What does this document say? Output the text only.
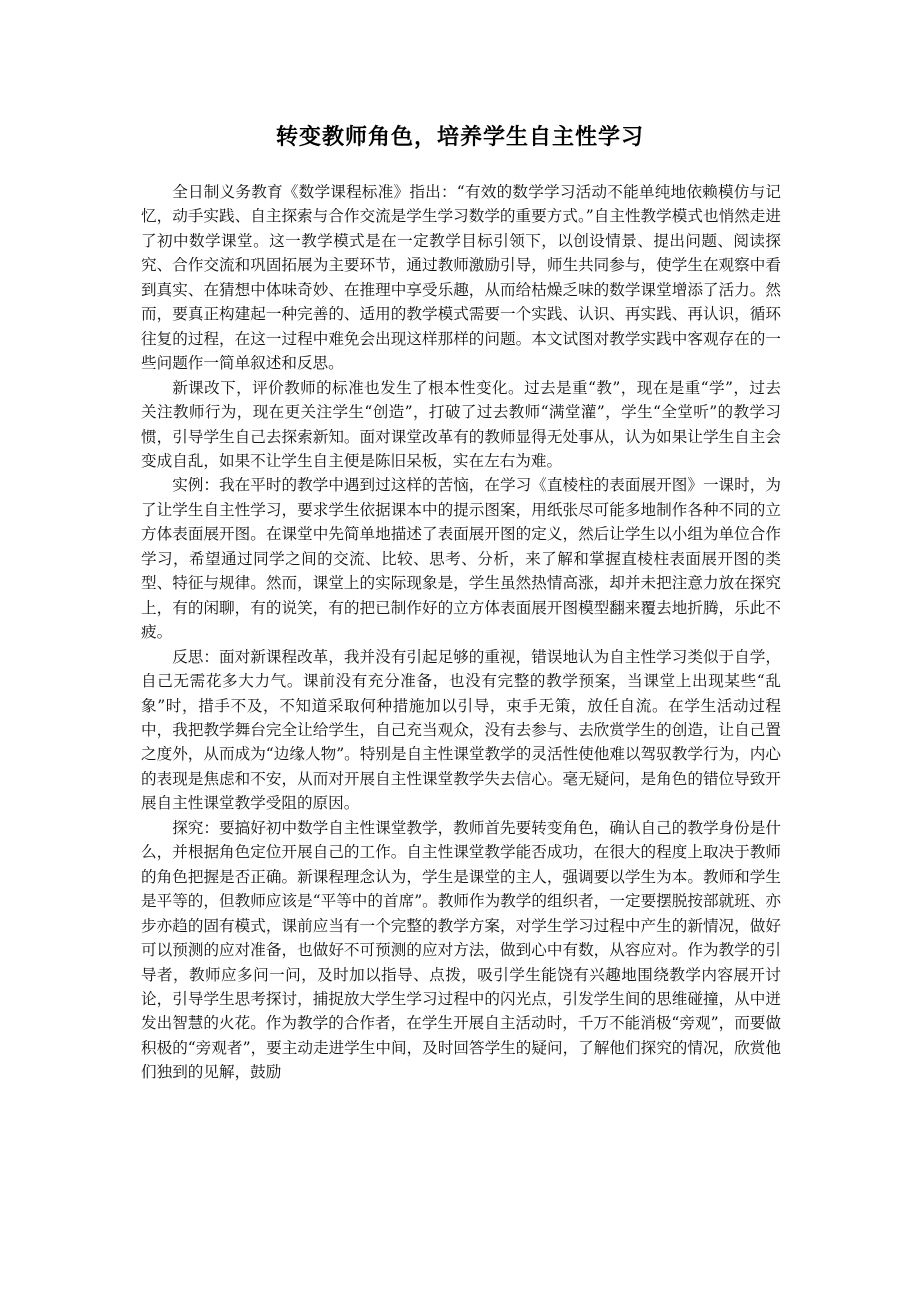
转变教师角色，培养学生自主性学习

全日制义务教育《数学课程标准》指出：“有效的数学学习活动不能单纯地依赖模仿与记忆，动手实践、自主探索与合作交流是学生学习数学的重要方式。”自主性教学模式也悄然走进了初中数学课堂。这一教学模式是在一定教学目标引领下，以创设情景、提出问题、阅读探究、合作交流和巩固拓展为主要环节，通过教师激励引导，师生共同参与，使学生在观察中看到真实、在猜想中体味奇妙、在推理中享受乐趣，从而给枯燥乏味的数学课堂增添了活力。然而，要真正构建起一种完善的、适用的教学模式需要一个实践、认识、再实践、再认识，循环往复的过程，在这一过程中难免会出现这样那样的问题。本文试图对教学实践中客观存在的一些问题作一简单叙述和反思。

新课改下，评价教师的标准也发生了根本性变化。过去是重“教”，现在是重“学”，过去关注教师行为，现在更关注学生“创造”，打破了过去教师“满堂灌”，学生“全堂听”的教学习惯，引导学生自己去探索新知。面对课堂改革有的教师显得无处事从，认为如果让学生自主会变成自乱，如果不让学生自主便是陈旧呆板，实在左右为难。

实例：我在平时的教学中遇到过这样的苦恼，在学习《直棱柱的表面展开图》一课时，为了让学生自主性学习，要求学生依据课本中的提示图案，用纸张尽可能多地制作各种不同的立方体表面展开图。在课堂中先简单地描述了表面展开图的定义，然后让学生以小组为单位合作学习，希望通过同学之间的交流、比较、思考、分析，来了解和掌握直棱柱表面展开图的类型、特征与规律。然而，课堂上的实际现象是，学生虽然热情高涨，却并未把注意力放在探究上，有的闲聊，有的说笑，有的把已制作好的立方体表面展开图模型翻来覆去地折腾，乐此不疲。

反思：面对新课程改革，我并没有引起足够的重视，错误地认为自主性学习类似于自学，自己无需花多大力气。课前没有充分准备，也没有完整的教学预案，当课堂上出现某些“乱象”时，措手不及，不知道采取何种措施加以引导，束手无策，放任自流。在学生活动过程中，我把教学舞台完全让给学生，自己充当观众，没有去参与、去欣赏学生的创造，让自己置之度外，从而成为“边缘人物”。特别是自主性课堂教学的灵活性使他难以驾驭教学行为，内心的表现是焦虑和不安，从而对开展自主性课堂教学失去信心。毫无疑问，是角色的错位导致开展自主性课堂教学受阻的原因。

探究：要搞好初中数学自主性课堂教学，教师首先要转变角色，确认自己的教学身份是什么，并根据角色定位开展自己的工作。自主性课堂教学能否成功，在很大的程度上取决于教师的角色把握是否正确。新课程理念认为，学生是课堂的主人，强调要以学生为本。教师和学生是平等的，但教师应该是“平等中的首席”。教师作为教学的组织者，一定要摆脱按部就班、亦步亦趋的固有模式，课前应当有一个完整的教学方案，对学生学习过程中产生的新情况，做好可以预测的应对准备，也做好不可预测的应对方法，做到心中有数，从容应对。作为教学的引导者，教师应多问一问，及时加以指导、点拨，吸引学生能饶有兴趣地围绕教学内容展开讨论，引导学生思考探讨，捕捉放大学生学习过程中的闪光点，引发学生间的思维碰撞，从中迸发出智慧的火花。作为教学的合作者，在学生开展自主活动时，千万不能消极“旁观”，而要做积极的“旁观者”，要主动走进学生中间，及时回答学生的疑问，了解他们探究的情况，欣赏他们独到的见解，鼓励
